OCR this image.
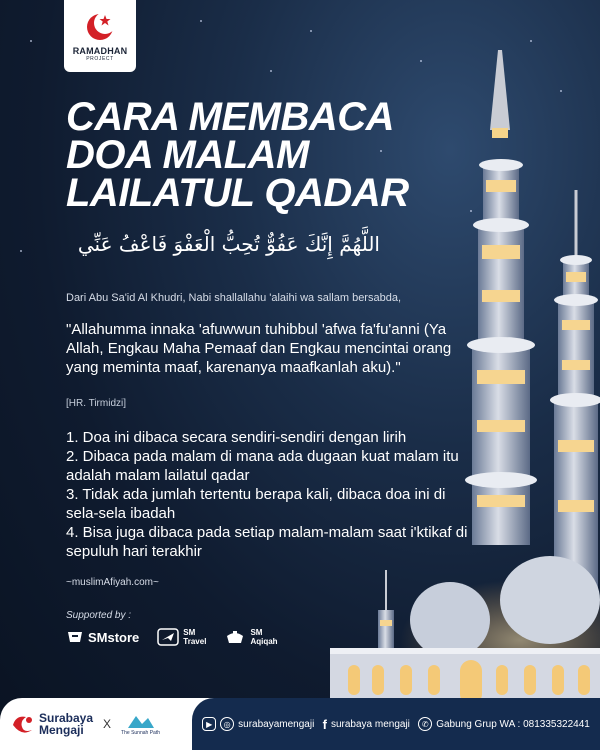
RAMADHAN
PROJECT
CARA MEMBACA DOA MALAM LAILATUL QADAR
اللَّهُمَّ إِنَّكَ عَفُوٌّ تُحِبُّ الْعَفْوَ فَاعْفُ عَنِّي
Dari Abu Sa'id Al Khudri, Nabi shallallahu 'alaihi wa sallam bersabda,
"Allahumma innaka 'afuwwun tuhibbul 'afwa fa'fu'anni (Ya Allah, Engkau Maha Pemaaf dan Engkau mencintai orang yang meminta maaf, karenanya maafkanlah aku)."
[HR. Tirmidzi]
1. Doa ini dibaca secara sendiri-sendiri dengan lirih
2. Dibaca pada malam di mana ada dugaan kuat malam itu adalah malam lailatul qadar
3. Tidak ada jumlah tertentu berapa kali, dibaca doa ini di sela-sela ibadah
4. Bisa juga dibaca pada setiap malam-malam saat i'ktikaf di sepuluh hari terakhir
~muslimAfiyah.com~
Supported by :
SMstore	SM
Travel
SM
Aqiqah
Surabaya
Mengaji	X
The Sunnah Path
▶	◎ surabayamengaji f surabaya mengaji	✆ Gabung Grup WA : 081335322441
